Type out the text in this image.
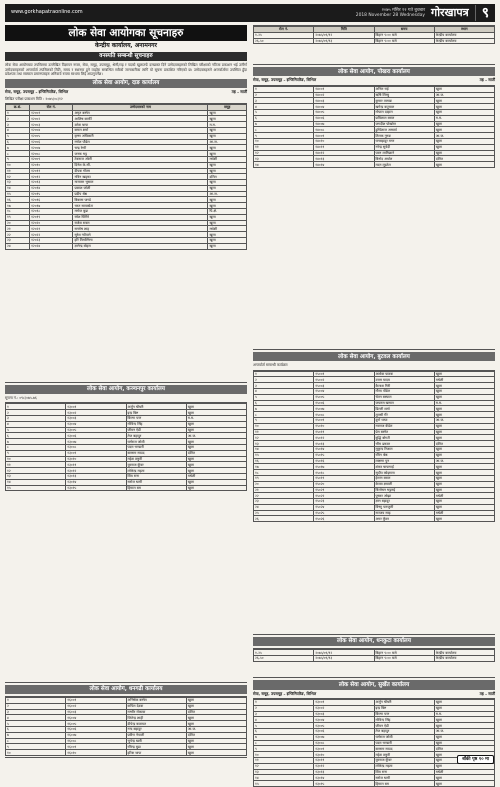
www.gorkhapatraonline.com	२०७५ मंसिर १२ गते बुधबार
2018 November 28 Wednesday गोरखापत्र ९
लोक सेवा आयोगका सूचनाहरु
केन्द्रीय कार्यालय, अनामनगर
वनस्पति सम्बन्धी सूचनाहरु

लोक सेवा आयोगबाट तपसिलमा उल्लेखित विज्ञापन नम्बर, सेवा, समूह, उपसमूह, श्रेणी/तह र पदको खुलातर्फ दरखास्त दिने उम्मेदवारहरुको लिखित परीक्षाको नतिजा प्रकाशन भई उत्तीर्ण उम्मेदवारहरुको अन्तर्वार्ता तपसिलको मिति, समय र स्थानमा हुने व्यहोरा सम्बन्धित सबैको जानकारीका लागि यो सूचना प्रकाशित गरिएको छ। उम्मेदवारहरुले अन्तर्वार्तामा उपस्थित हुँदा प्रवेशपत्र तथा सक्कल प्रमाणपत्रहरु अनिवार्य रुपमा साथमा लिई आउनुपर्नेछ।

लोक सेवा आयोग, दाङ कार्यालय
सेवा, समूह, उपसमूह – इन्जिनियरिङ, सिभिल	तह – सातौं
लिखित परीक्षा प्रकाशन मिति : २०७५/०८/१२
क्र.सं.	रोल नं.	उम्मेदवारको नाम	समूह
१	१२००१	अमृत बस्नेत	खुला
२	१२००२	आशिष कार्की	खुला
३	१२००३	उमेश थापा	म.म.
४	१२००४	कमल शर्मा	खुला
५	१२००५	कृष्ण अधिकारी	खुला
६	१२००६	गणेश पौडेल	आ.ज.
७	१२००७	चन्द्र रेग्मी	खुला
८	१२००८	जनक भट्ट	खुला
९	१२००९	टेकराज ओली	मधेशी
१०	१२०१०	दिनेश के.सी.	खुला
११	१२०११	दीपक गौतम	खुला
१२	१२०१२	नविन खड्का	दलित
१३	१२०१३	नारायण भुसाल	खुला
१४	१२०१४	प्रकाश जोशी	खुला
१५	१२०१५	प्रदीप श्रेष्ठ	आ.ज.
१६	१२०१६	बिकास पाण्डे	खुला
१७	१२०१७	भरत सापकोटा	खुला
१८	१२०१८	मनोज बुढा	पि.क्षे.
१९	१२०१९	रमेश घिमिरे	खुला
२०	१२०२०	राजेश रावल	खुला
२१	१२०२१	सन्तोष शाह	मधेशी
२२	१२०२२	सुरेश न्यौपाने	खुला
२३	१२०२३	हरि तिमल्सिना	खुला
२४	१२०२४	ज्ञानेन्द्र बोहरा	खुला
लोक सेवा आयोग, कञ्चनपुर कार्यालय
सूचना नं.: ०९८/०७५-७६
१	१३००१	अर्जुन चौधरी	खुला
२	१३००२	इन्द्र बिष्ट	खुला
३	१३००३	किरण पन्त	म.म.
४	१३००४	गोविन्द सिंह	खुला
५	१३००५	जीवन ऐडी	खुला
६	१३००६	तेज बहादुर	आ.ज.
७	१३००७	धर्मराज जोशी	खुला
८	१३००८	पदम भण्डारी	खुला
९	१३००९	बलराम साउद	दलित
१०	१३०१०	महेश ठकुरी	खुला
११	१३०११	युवराज कुँवर	खुला
१२	१३०१२	लोकेन्द्र महता	खुला
१३	१३०१३	शिव राना	मधेशी
१४	१३०१४	सरोज धामी	खुला
१५	१३०१५	हिमाल बम	खुला
लोक सेवा आयोग, धनगढी कार्यालय
१	१६००१	अभिषेक बस्नेत	खुला
२	१६००२	कपिल देउवा	खुला
३	१६००३	गम्भीर रोकाया	दलित
४	१६००४	जितेन्द्र शाही	खुला
५	१६००५	दीपेन्द्र कठायत	खुला
६	१६००६	नन्द बहादुर	आ.ज.
७	१६००७	प्रवीण नेपाली	दलित
८	१६००८	भुपेन्द्र खत्री	खुला
९	१६००९	रविन्द्र बुढा	खुला
१०	१६०१०	हरिश थापा	खुला
रोल नं.	मिति	समय	स्थान
१-२५	२०७५/०९/१२	बिहान ९:०० बजे	केन्द्रीय कार्यालय
२६-५०	२०७५/०९/१३	बिहान ९:०० बजे	केन्द्रीय कार्यालय
लोक सेवा आयोग, पोखरा कार्यालय
सेवा, समूह, उपसमूह – इन्जिनियरिङ, सिभिल	तह – सातौं
१	१४००१	अनिल राई	खुला
२	१४००२	ऋषि लिम्बु	आ.ज.
३	१४००३	कुमार तामाङ	खुला
४	१४००४	खगेन्द्र कटुवाल	खुला
५	१४००५	गोपाल दाहाल	खुला
६	१४००६	छविलाल बराल	म.म.
७	१४००७	जगदीश पोखरेल	खुला
८	१४००८	ढुण्डिराज आचार्य	खुला
९	१४००९	तिलक गुरुङ	आ.ज.
१०	१४०१०	धनबहादुर मगर	खुला
११	१४०११	नरेन्द्र सुवेदी	खुला
१२	१४०१२	पवन लामिछाने	खुला
१३	१४०१३	बिनोद अर्याल	दलित
१४	१४०१४	मदन लुइटेल	खुला
लोक सेवा आयोग, बुटवल कार्यालय
अन्तर्वार्ता सम्बन्धी कार्यक्रम
१	१५००१	अशोक पाठक	खुला
२	१५००२	उत्तम यादव	मधेशी
३	१५००३	कैलाश गिरी	खुला
४	१५००४	गौरव पौडेल	खुला
५	१५००५	चेतन बस्याल	खुला
६	१५००६	जयराम खनाल	म.म.
७	१५००७	डिल्ली शर्मा	खुला
८	१५००८	तुलसी गैरे	खुला
९	१५००९	दुर्गा थापा	आ.ज.
१०	१५०१०	नवराज कँडेल	खुला
११	१५०११	प्रेम बस्नेत	खुला
१२	१५०१२	बुद्धि बोगटी	खुला
१३	१५०१३	भीम ढकाल	दलित
१४	१५०१४	मुकुन्द रिजाल	खुला
१५	१५०१५	रविन श्रेष्ठ	खुला
१६	१५०१६	लक्ष्मण पुन	आ.ज.
१७	१५०१७	शंकर चापागाईं	खुला
१८	१५०१८	सुदीप कोइराला	खुला
१९	१५०१९	हेमन्त बराल	खुला
२०	१५०२०	केशव ज्ञवाली	खुला
२१	१५०२१	त्रिलोचन भट्टराई	खुला
२२	१५०२२	पुष्कर ओझा	मधेशी
२३	१५०२३	ज्ञान बहादुर	खुला
२४	१५०२४	विष्णु पराजुली	खुला
२५	१५०२५	सञ्जय साह	मधेशी
२६	१५०२६	अमर कुँवर	खुला
लोक सेवा आयोग, धनकुटा कार्यालय
१-२५	२०७५/०९/१२	बिहान ९:०० बजे	केन्द्रीय कार्यालय
२६-५०	२०७५/०९/१३	बिहान ९:०० बजे	केन्द्रीय कार्यालय
लोक सेवा आयोग, सुर्खेत कार्यालय
सेवा, समूह, उपसमूह – इन्जिनियरिङ, सिभिल	तह – सातौं
१	१३००१	अर्जुन चौधरी	खुला
२	१३००२	इन्द्र बिष्ट	खुला
३	१३००३	किरण पन्त	म.म.
४	१३००४	गोविन्द सिंह	खुला
५	१३००५	जीवन ऐडी	खुला
६	१३००६	तेज बहादुर	आ.ज.
७	१३००७	धर्मराज जोशी	खुला
८	१३००८	पदम भण्डारी	खुला
९	१३००९	बलराम साउद	दलित
१०	१३०१०	महेश ठकुरी	खुला
११	१३०११	युवराज कुँवर	खुला
१२	१३०१२	लोकेन्द्र महता	खुला
१३	१३०१३	शिव राना	मधेशी
१४	१३०१४	सरोज धामी	खुला
१५	१३०१५	हिमाल बम	खुला
बाँकी पृष्ठ १० मा
